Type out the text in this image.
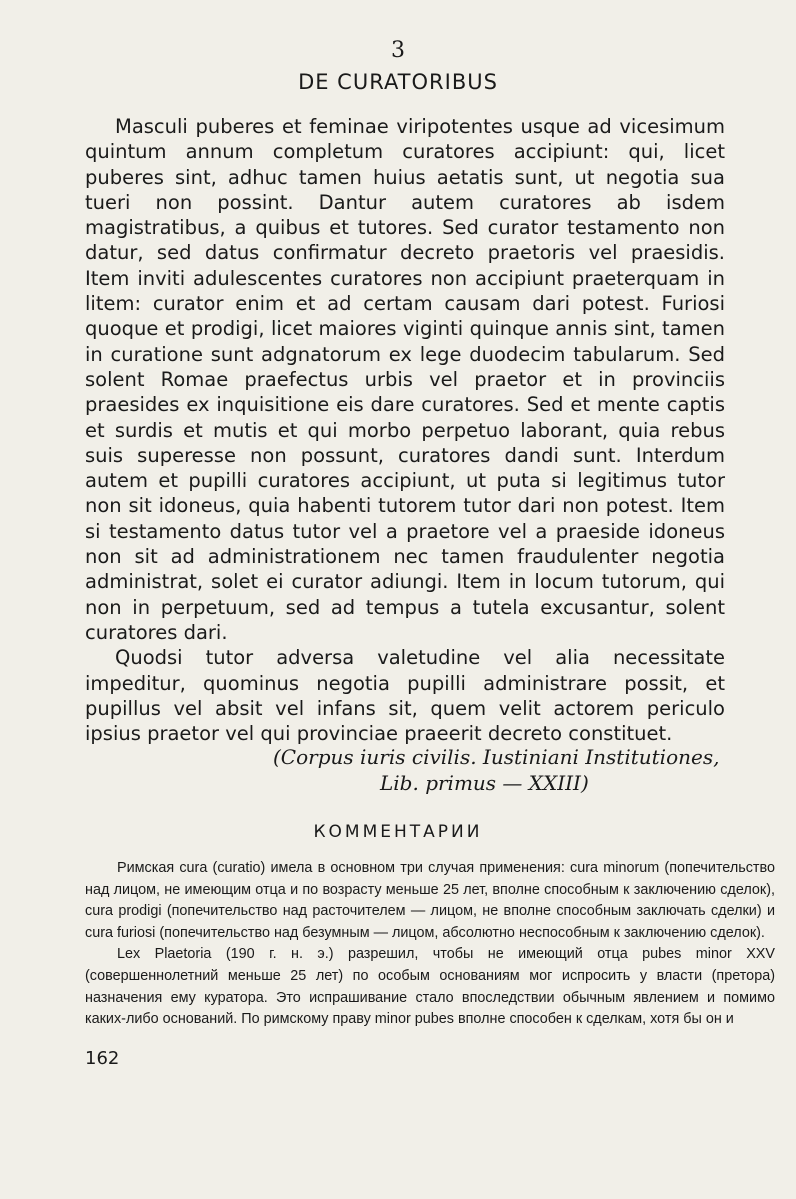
3
DE CURATORIBUS

Masculi puberes et feminae viripotentes usque ad vicesimum quintum annum completum curatores accipiunt: qui, licet puberes sint, adhuc tamen huius aetatis sunt, ut negotia sua tueri non possint. Dantur autem curatores ab isdem magistratibus, a quibus et tutores. Sed curator testamento non datur, sed datus confirmatur decreto praetoris vel praesidis. Item inviti adulescentes curatores non accipiunt praeterquam in litem: curator enim et ad certam causam dari potest. Furiosi quoque et prodigi, licet maiores viginti quinque annis sint, tamen in curatione sunt adgnatorum ex lege duodecim tabularum. Sed solent Romae praefectus urbis vel praetor et in provinciis praesides ex inquisitione eis dare curatores. Sed et mente captis et surdis et mutis et qui morbo perpetuo laborant, quia rebus suis superesse non possunt, curatores dandi sunt. Interdum autem et pupilli curatores accipiunt, ut puta si legitimus tutor non sit idoneus, quia habenti tutorem tutor dari non potest. Item si testamento datus tutor vel a praetore vel a praeside idoneus non sit ad administrationem nec tamen fraudulenter negotia administrat, solet ei curator adiungi. Item in locum tutorum, qui non in perpetuum, sed ad tempus a tutela excusantur, solent curatores dari.

Quodsi tutor adversa valetudine vel alia necessitate impeditur, quominus negotia pupilli administrare possit, et pupillus vel absit vel infans sit, quem velit actorem periculo ipsius praetor vel qui provinciae praeerit decreto constituet.

(Corpus iuris civilis. Iustiniani Institutiones,
Lib. primus — XXIII)
КОММЕНТАРИИ

Римская cura (curatio) имела в основном три случая применения: cura minorum (попечительство над лицом, не имеющим отца и по возрасту меньше 25 лет, вполне способным к заключению сделок), cura prodigi (попечительство над расточителем — лицом, не вполне способным заключать сделки) и cura furiosi (попечительство над безумным — лицом, абсолютно неспособным к заключению сделок).

Lex Plaetoria (190 г. н. э.) разрешил, чтобы не имеющий отца pubes minor XXV (совершеннолетний меньше 25 лет) по особым основаниям мог испросить у власти (претора) назначения ему куратора. Это испрашивание стало впоследствии обычным явлением и помимо каких-либо оснований. По римскому праву minor pubes вполне способен к сделкам, хотя бы он и

162
